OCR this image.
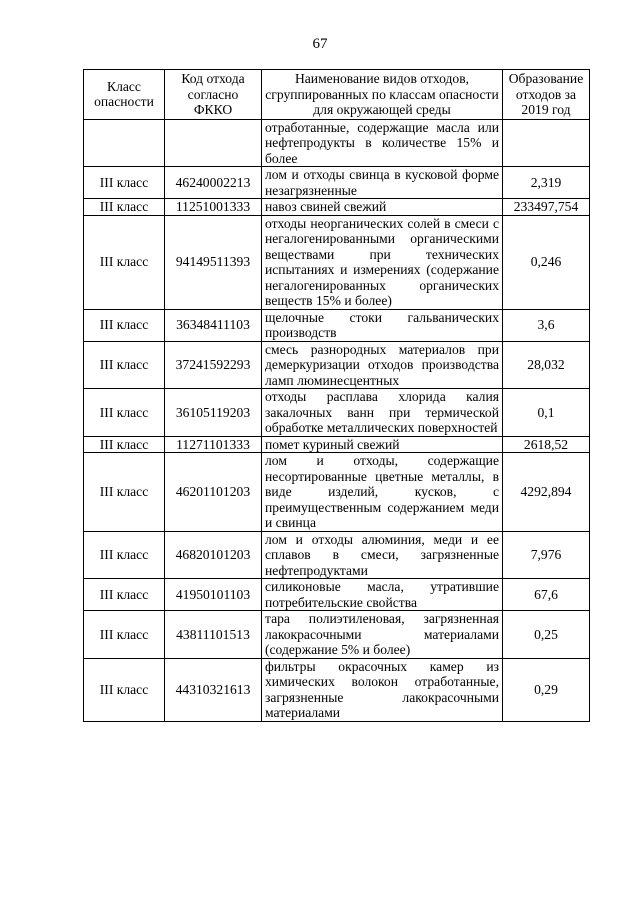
67
Класс опасности	Код отхода согласно ФККО	Наименование видов отходов, сгруппированных по классам опасности для окружающей среды	Образование отходов за 2019 год
		отработанные, содержащие масла или нефтепродукты в количестве 15% и более	
III класс	46240002213	лом и отходы свинца в кусковой форме незагрязненные	2,319
III класс	11251001333	навоз свиней свежий	233497,754
III класс	94149511393	отходы неорганических солей в смеси с негалогенированными органическими веществами при технических испытаниях и измерениях (содержание негалогенированных органических веществ 15% и более)	0,246
III класс	36348411103	щелочные стоки гальванических производств	3,6
III класс	37241592293	смесь разнородных материалов при демеркуризации отходов производства ламп люминесцентных	28,032
III класс	36105119203	отходы расплава хлорида калия закалочных ванн при термической обработке металлических поверхностей	0,1
III класс	11271101333	помет куриный свежий	2618,52
III класс	46201101203	лом и отходы, содержащие несортированные цветные металлы, в виде изделий, кусков, с преимущественным содержанием меди и свинца	4292,894
III класс	46820101203	лом и отходы алюминия, меди и ее сплавов в смеси, загрязненные нефтепродуктами	7,976
III класс	41950101103	силиконовые масла, утратившие потребительские свойства	67,6
III класс	43811101513	тара полиэтиленовая, загрязненная лакокрасочными материалами (содержание 5% и более)	0,25
III класс	44310321613	фильтры окрасочных камер из химических волокон отработанные, загрязненные лакокрасочными материалами	0,29
